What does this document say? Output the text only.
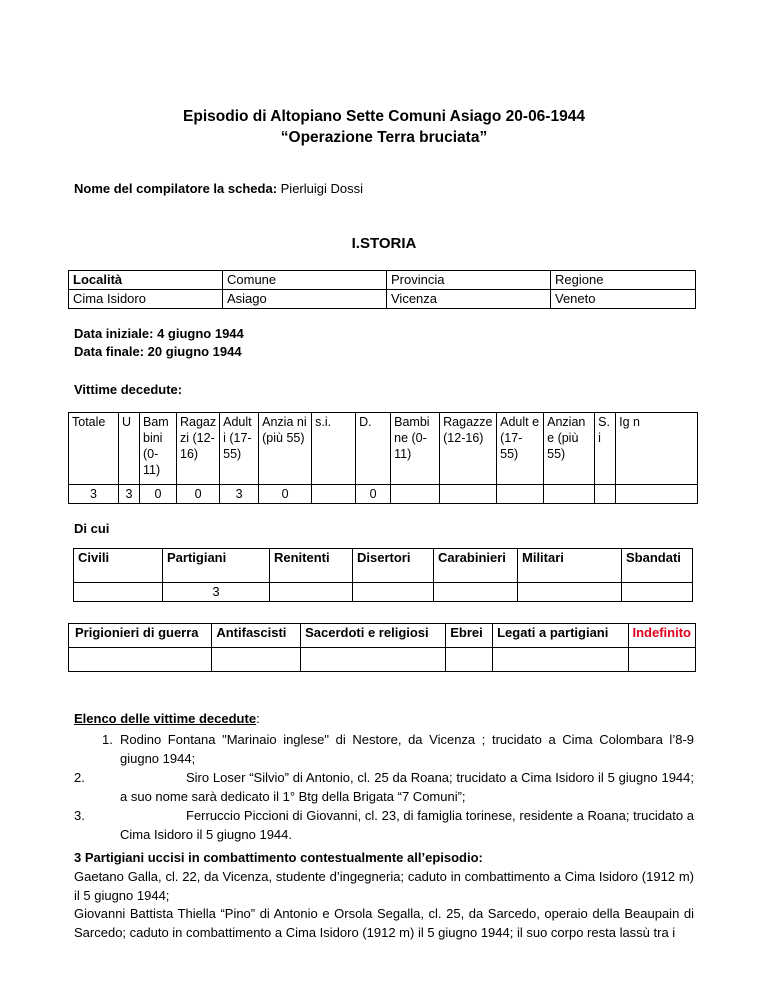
Episodio di Altopiano Sette Comuni Asiago 20-06-1944
“Operazione Terra bruciata”
Nome del compilatore la scheda: Pierluigi Dossi
I.STORIA
Località	Comune	Provincia	Regione
Cima Isidoro	Asiago	Vicenza	Veneto
Data iniziale: 4 giugno 1944
Data finale: 20 giugno 1944
Vittime decedute:
Totale	U	Bam bini (0- 11)	Ragaz zi (12- 16)	Adult i (17- 55)	Anzia ni (più 55)	s.i.	D.	Bambi ne (0- 11)	Ragazze (12-16)	Adult e (17- 55)	Anzian e (più 55)	S. i	Ig n
3	3	0	0	3	0		0						
Di cui
Civili	Partigiani	Renitenti	Disertori	Carabinieri	Militari	Sbandati
	3					
Prigionieri di guerra	Antifascisti	Sacerdoti e religiosi	Ebrei	Legati a partigiani	Indefinito

Elenco delle vittime decedute:
1. Rodino Fontana "Marinaio inglese" di Nestore, da Vicenza ; trucidato a Cima Colombara l’8-9 giugno 1944;
2.	Siro Loser “Silvio” di Antonio, cl. 25 da Roana; trucidato a Cima Isidoro il 5 giugno 1944; a suo nome sarà dedicato il 1° Btg della Brigata “7 Comuni”;
3.	Ferruccio Piccioni di Giovanni, cl. 23, di famiglia torinese, residente a Roana; trucidato a Cima Isidoro il 5 giugno 1944.
3 Partigiani uccisi in combattimento contestualmente all’episodio:

Gaetano Galla, cl. 22, da Vicenza, studente d’ingegneria; caduto in combattimento a Cima Isidoro (1912 m) il 5 giugno 1944;

Giovanni Battista Thiella “Pino” di Antonio e Orsola Segalla, cl. 25, da Sarcedo, operaio della Beaupain di Sarcedo; caduto in combattimento a Cima Isidoro (1912 m) il 5 giugno 1944; il suo corpo resta lassù tra i
